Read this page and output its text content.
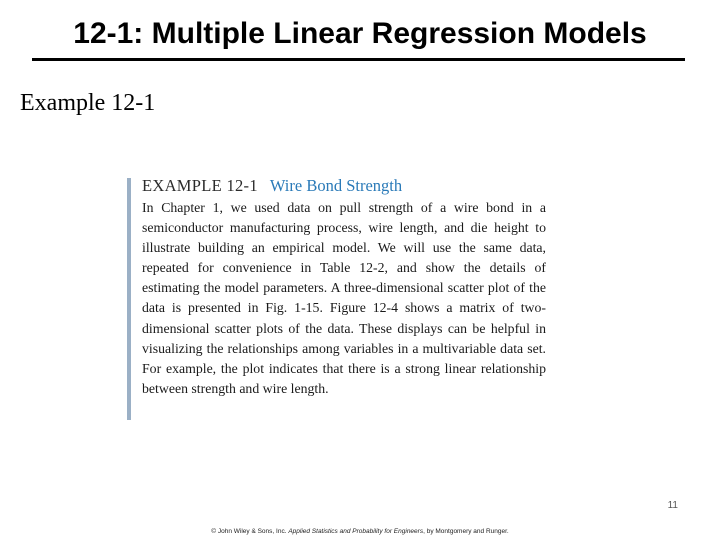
12-1: Multiple Linear Regression Models
Example 12-1
EXAMPLE 12-1 Wire Bond Strength

In Chapter 1, we used data on pull strength of a wire bond in a semiconductor manufacturing process, wire length, and die height to illustrate building an empirical model. We will use the same data, repeated for convenience in Table 12-2, and show the details of estimating the model parameters. A three-dimensional scatter plot of the data is presented in Fig. 1-15. Figure 12-4 shows a matrix of two-dimensional scatter plots of the data. These displays can be helpful in visualizing the relationships among variables in a multivariable data set. For example, the plot indicates that there is a strong linear relationship between strength and wire length.

11
© John Wiley & Sons, Inc. Applied Statistics and Probability for Engineers, by Montgomery and Runger.
